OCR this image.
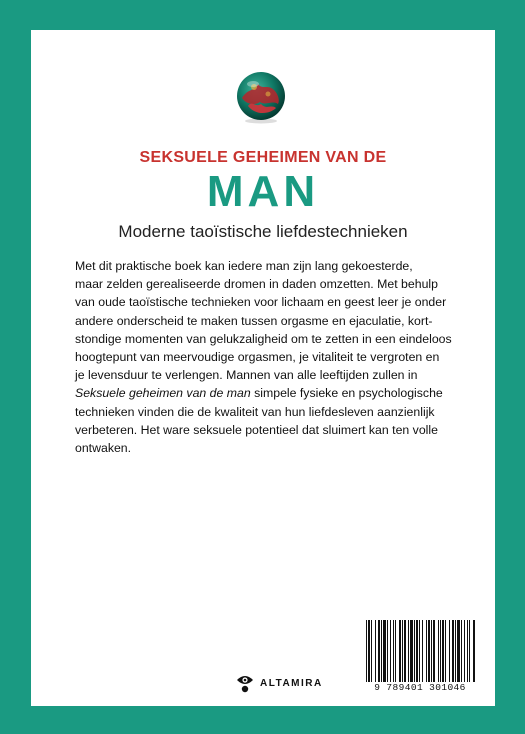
SEKSUELE GEHEIMEN VAN DE
MAN
Moderne taoïstische liefdestechnieken

Met dit praktische boek kan iedere man zijn lang gekoesterde,

maar zelden gerealiseerde dromen in daden omzetten. Met behulp

van oude taoïstische technieken voor lichaam en geest leer je onder

andere onderscheid te maken tussen orgasme en ejaculatie, kort-

stondige momenten van gelukzaligheid om te zetten in een eindeloos

hoogtepunt van meervoudige orgasmen, je vitaliteit te vergroten en

je levensduur te verlengen. Mannen van alle leeftijden zullen in

Seksuele geheimen van de man simpele fysieke en psychologische

technieken vinden die de kwaliteit van hun liefdesleven aanzienlijk

verbeteren. Het ware seksuele potentieel dat sluimert kan ten volle

ontwaken.

ALTAMIRA	9 789401 301046
